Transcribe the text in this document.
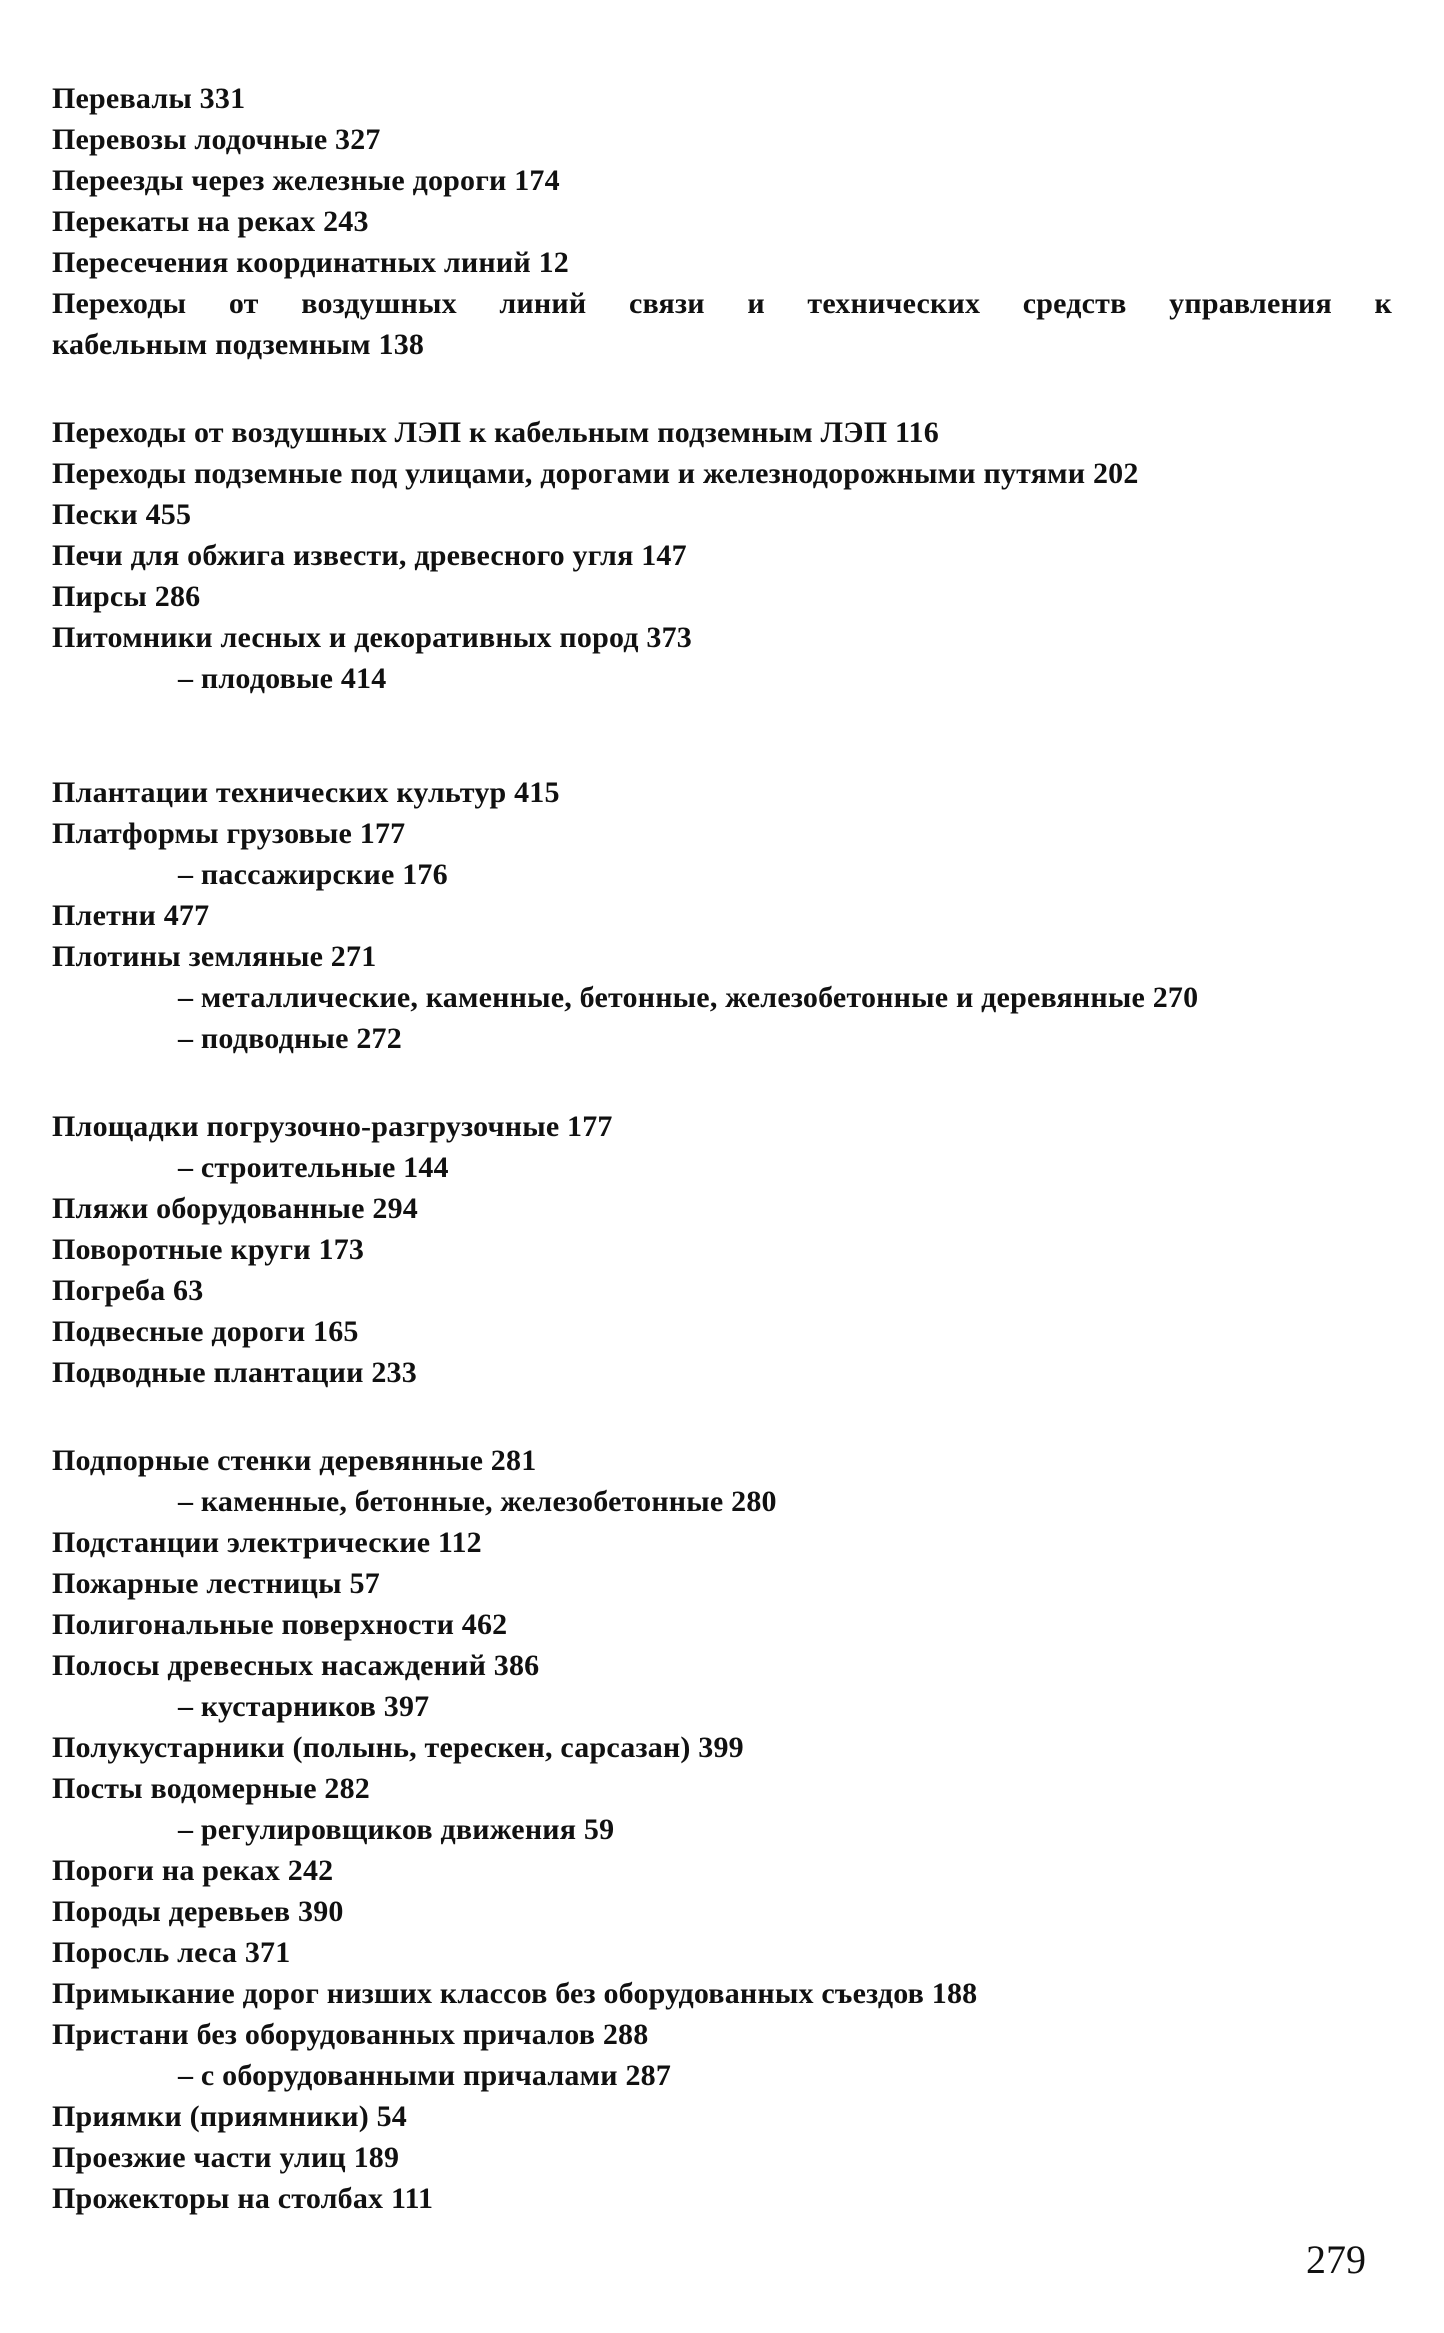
Перевалы 331
Перевозы лодочные 327
Переезды через железные дороги 174
Перекаты на реках 243
Пересечения координатных линий 12
Переходы от воздушных линий связи и технических средств управления к
кабельным подземным 138
Переходы от воздушных ЛЭП к кабельным подземным ЛЭП 116
Переходы подземные под улицами, дорогами и железнодорожными путями 202
Пески 455
Печи для обжига извести, древесного угля 147
Пирсы 286
Питомники лесных и декоративных пород 373
– плодовые 414
Плантации технических культур 415
Платформы грузовые 177
– пассажирские 176
Плетни 477
Плотины земляные 271
– металлические, каменные, бетонные, железобетонные и деревянные 270
– подводные 272
Площадки погрузочно-разгрузочные 177
– строительные 144
Пляжи оборудованные 294
Поворотные круги 173
Погреба 63
Подвесные дороги 165
Подводные плантации 233
Подпорные стенки деревянные 281
– каменные, бетонные, железобетонные 280
Подстанции электрические 112
Пожарные лестницы 57
Полигональные поверхности 462
Полосы древесных насаждений 386
– кустарников 397
Полукустарники (полынь, терескен, сарсазан) 399
Посты водомерные 282
– регулировщиков движения 59
Пороги на реках 242
Породы деревьев 390
Поросль леса 371
Примыкание дорог низших классов без оборудованных съездов 188
Пристани без оборудованных причалов 288
– с оборудованными причалами 287
Приямки (приямники) 54
Проезжие части улиц 189
Прожекторы на столбах 111
279
